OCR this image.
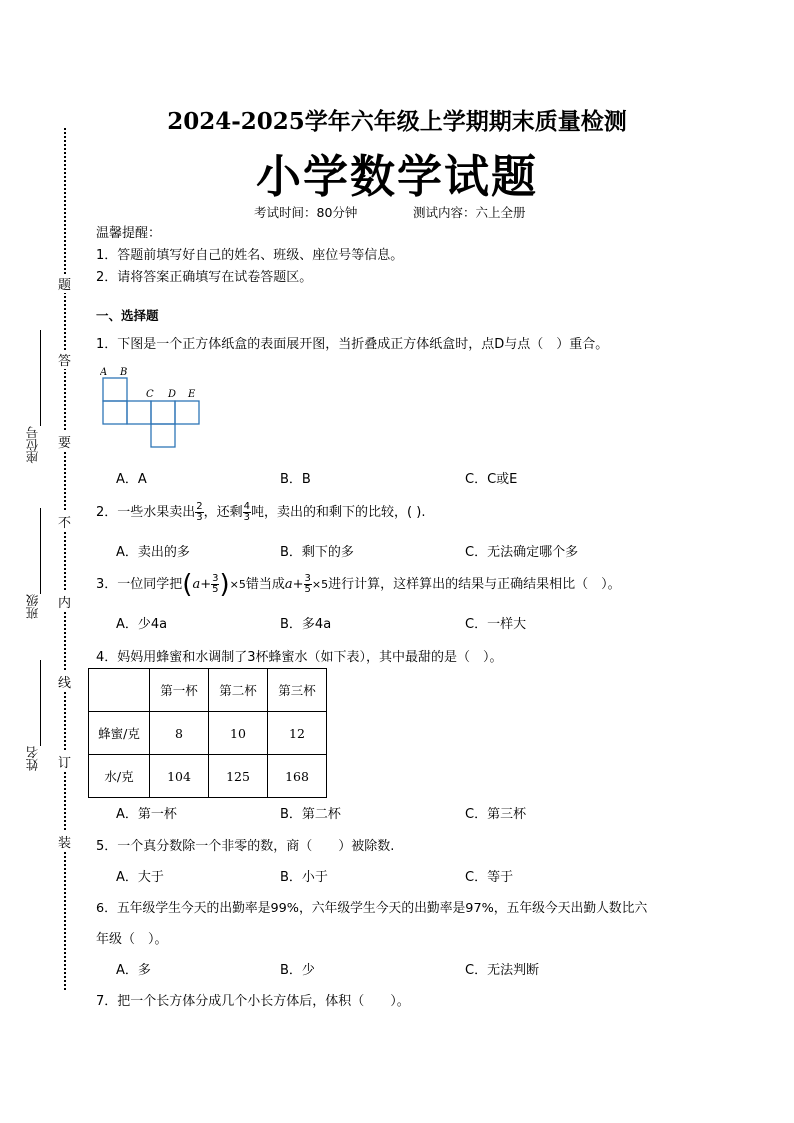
题
答
要
不
内
线
订
装
座位号
班级
姓名
2024-2025学年六年级上学期期末质量检测
小学数学试题
考试时间：80分钟	测试内容：六上全册
温馨提醒：
1．答题前填写好自己的姓名、班级、座位号等信息。
2．请将答案正确填写在试卷答题区。
一、选择题
1．下图是一个正方体纸盒的表面展开图，当折叠成正方体纸盒时，点D与点（　）重合。
A B
C D E
A．A	B．B	C．C或E
2．一些水果卖出 $\frac{2}{3}$ ，还剩 $\frac{4}{3}$ 吨，卖出的和剩下的比较，( ).
A．卖出的多	B．剩下的多	C．无法确定哪个多
3．一位同学把$(a+ \frac{3}{5} )\times 5$错当成$a+ \frac{3}{5} \times 5$进行计算，这样算出的结果与正确结果相比（　）。
A．少4a	B．多4a	C．一样大
4．妈妈用蜂蜜和水调制了3杯蜂蜜水（如下表），其中最甜的是（　）。
	第一杯	第二杯	第三杯
蜂蜜/克	8	10	12
水/克	104	125	168
A．第一杯	B．第二杯	C．第三杯
5．一个真分数除一个非零的数，商（　　）被除数.
A．大于	B．小于	C．等于
6．五年级学生今天的出勤率是99%，六年级学生今天的出勤率是97%，五年级今天出勤人数比六
年级（　）。
A．多	B．少	C．无法判断
7．把一个长方体分成几个小长方体后，体积（　　）。
